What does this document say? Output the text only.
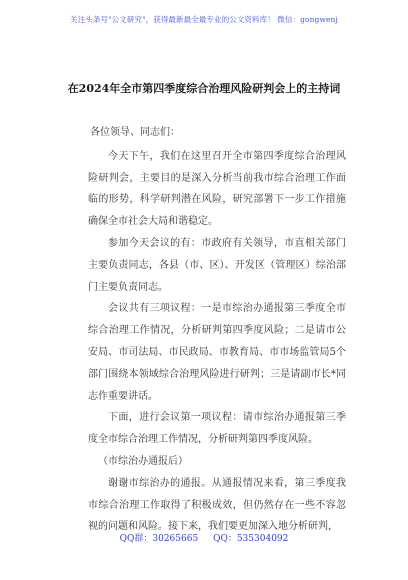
关注头条号"公文研究"，获得最新最全最专业的公文资料库！ 微信：gongwenj
在2024年全市第四季度综合治理风险研判会上的主持词

各位领导、同志们：

今天下午，我们在这里召开全市第四季度综合治理风险研判会，主要目的是深入分析当前我市综合治理工作面临的形势，科学研判潜在风险，研究部署下一步工作措施确保全市社会大局和谐稳定。

参加今天会议的有：市政府有关领导，市直相关部门主要负责同志，各县（市、区）、开发区（管理区）综治部门主要负责同志。

会议共有三项议程：一是市综治办通报第三季度全市综合治理工作情况，分析研判第四季度风险；二是请市公安局、市司法局、市民政局、市教育局、市市场监管局5个部门围绕本领域综合治理风险进行研判；三是请副市长*同志作重要讲话。

下面，进行会议第一项议程：请市综治办通报第三季度全市综合治理工作情况，分析研判第四季度风险。

（市综治办通报后）

谢谢市综治办的通报。从通报情况来看，第三季度我市综合治理工作取得了积极成效，但仍然存在一些不容忽视的问题和风险。接下来，我们要更加深入地分析研判，

QQ群：30265665 QQ：535304092
